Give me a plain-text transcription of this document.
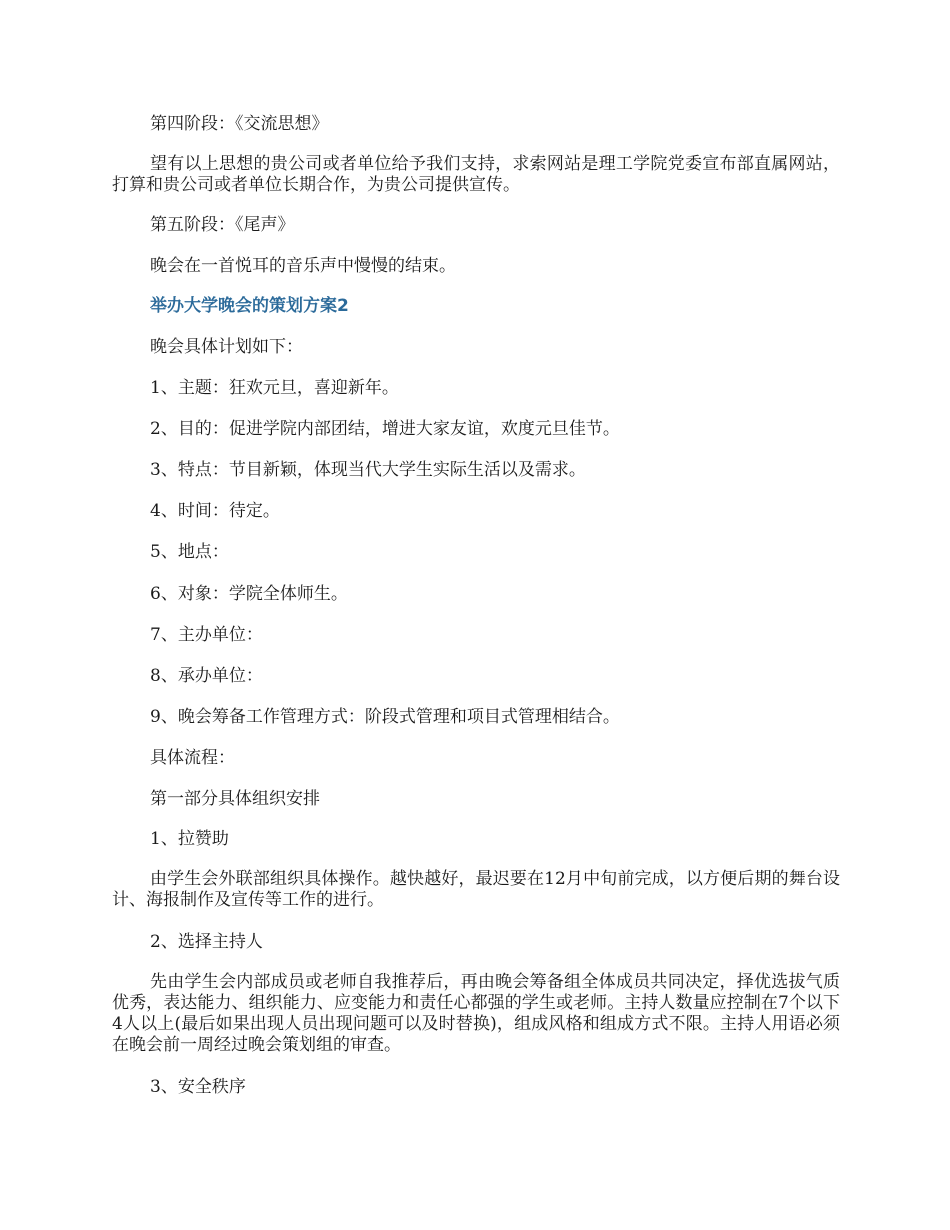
第四阶段：《交流思想》

望有以上思想的贵公司或者单位给予我们支持，求索网站是理工学院党委宣布部直属网站，打算和贵公司或者单位长期合作，为贵公司提供宣传。

第五阶段：《尾声》

晚会在一首悦耳的音乐声中慢慢的结束。

举办大学晚会的策划方案2

晚会具体计划如下：

1、主题：狂欢元旦，喜迎新年。

2、目的：促进学院内部团结，增进大家友谊，欢度元旦佳节。

3、特点：节目新颖，体现当代大学生实际生活以及需求。

4、时间：待定。

5、地点：

6、对象：学院全体师生。

7、主办单位：

8、承办单位：

9、晚会筹备工作管理方式：阶段式管理和项目式管理相结合。

具体流程：

第一部分具体组织安排

1、拉赞助

由学生会外联部组织具体操作。越快越好，最迟要在12月中旬前完成，以方便后期的舞台设计、海报制作及宣传等工作的进行。

2、选择主持人

先由学生会内部成员或老师自我推荐后，再由晚会筹备组全体成员共同决定，择优选拔气质优秀，表达能力、组织能力、应变能力和责任心都强的学生或老师。主持人数量应控制在7个以下4人以上(最后如果出现人员出现问题可以及时替换)，组成风格和组成方式不限。主持人用语必须在晚会前一周经过晚会策划组的审查。

3、安全秩序
